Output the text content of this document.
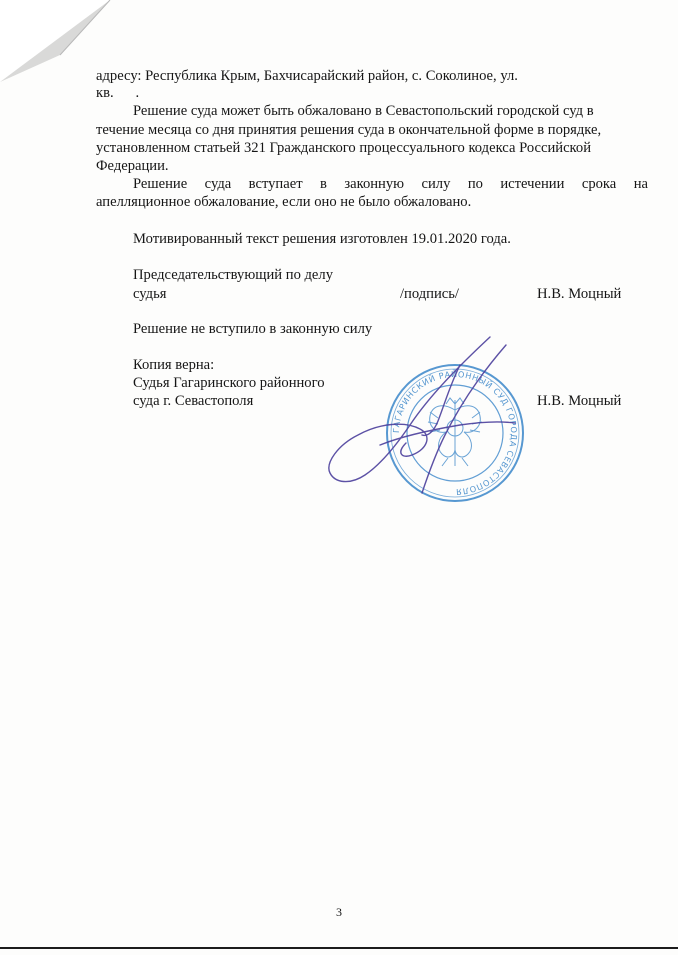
адресу: Республика Крым, Бахчисарайский район, с. Соколиное, ул.
кв.      .
Решение суда может быть обжаловано в Севастопольский городской суд в
течение месяца со дня принятия решения суда в окончательной форме в порядке,
установленном статьей 321 Гражданского процессуального кодекса Российской
Федерации.
Решение суда вступает в законную силу по истечении срока на
апелляционное обжалование, если оно не было обжаловано.
Мотивированный текст решения изготовлен 19.01.2020 года.
Председательствующий по делу
судья	/подпись/	Н.В. Моцный
Решение не вступило в законную силу
Копия верна:
Судья Гагаринского районного
суда г. Севастополя	Н.В. Моцный
ГАГАРИНСКИЙ РАЙОННЫЙ СУД ГОРОДА СЕВАСТОПОЛЯ
3
